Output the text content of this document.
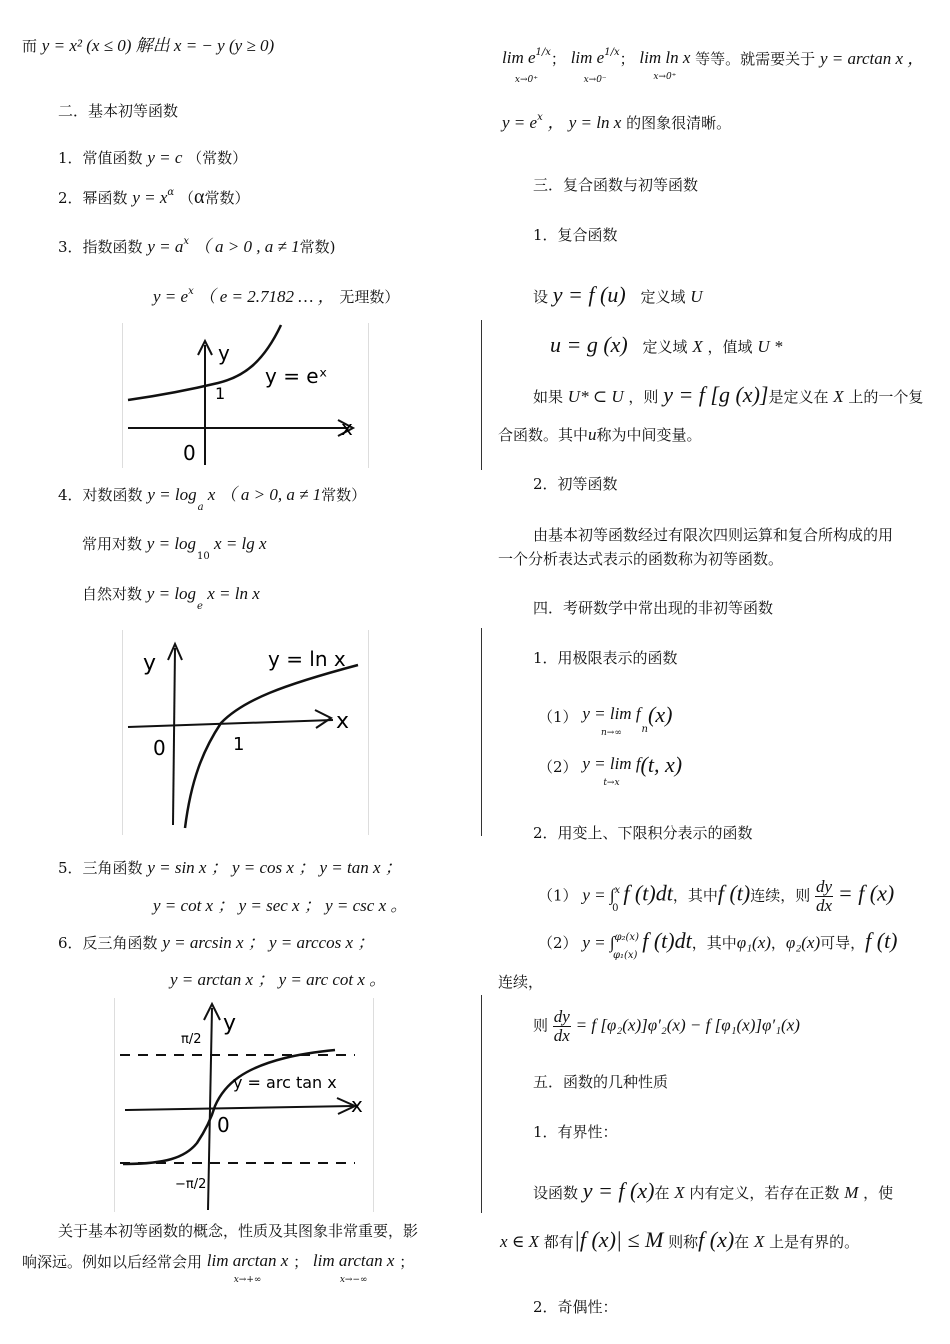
而 y = x² (x ≤ 0) 解出 x = − y (y ≥ 0)
二．基本初等函数
1．常值函数 y = c （常数）
2．幂函数 $y = x^\alpha$ （α常数）
3．指数函数 $y = a^x$ （ a > 0 , a ≠ 1常数)
$y = e^x$ （ e = 2.7182 … ， 无理数）
0
y
x
1
y = eˣ
4．对数函数 $y = \log_a x$ （ a > 0, a ≠ 1常数）
常用对数 $y = \log_{10} x = \lg x$
自然对数 $y = \log_e x = \ln x$
0
y
x
1
y = ln x
5．三角函数 y = sin x ； y = cos x ； y = tan x ；
y = cot x ； y = sec x ； y = csc x 。
6．反三角函数 y = arcsin x ； y = arccos x ；
y = arctan x ； y = arc cot x 。
y
x
0
π/2
−π/2
y = arc tan x
关于基本初等函数的概念，性质及其图象非常重要，影
响深远。例如以后经常会用 lim arctan x
x→+∞
； lim arctan x
x→−∞
；
$\lim e^{1/x}$
x→0⁺
； $\lim e^{1/x}$
x→0⁻
； lim ln x
x→0⁺
等等。就需要关于 y = arctan x ，
$y = e^x$ ， y = ln x 的图象很清晰。
三．复合函数与初等函数
1．复合函数
设 y = f (u) 定义域 U
u = g (x) 定义域 X ，值域 U *
如果 U* ⊂ U ，则 y = f [g (x)]是定义在 X 上的一个复
合函数。其中u称为中间变量。
2．初等函数
由基本初等函数经过有限次四则运算和复合所构成的用
一个分析表达式表示的函数称为初等函数。
四．考研数学中常出现的非初等函数
1．用极限表示的函数
（1） y = lim f
n→∞	$_n$(x)
（2） y = lim f
t→x
(t, x)
2．用变上、下限积分表示的函数
（1） y = ∫$^x_0$ f (t)dt，其中f (t)连续，则 $\frac{dy}{dx} = f$ (x)
（2） y = ∫$^{\varphi_2(x)}_{\varphi_1(x)}$ f (t)dt，其中φ₁(x)，φ₂(x)可导，f (t)
连续，
则 $\frac{dy}{dx} = f$ [φ₂(x)]φ′₂(x) − f [φ₁(x)]φ′₁(x)
五．函数的几种性质
1．有界性：
设函数 y = f (x)在 X 内有定义，若存在正数 M ，使
x ∈ X 都有|f (x)| ≤ M 则称f (x)在 X 上是有界的。
2．奇偶性：
